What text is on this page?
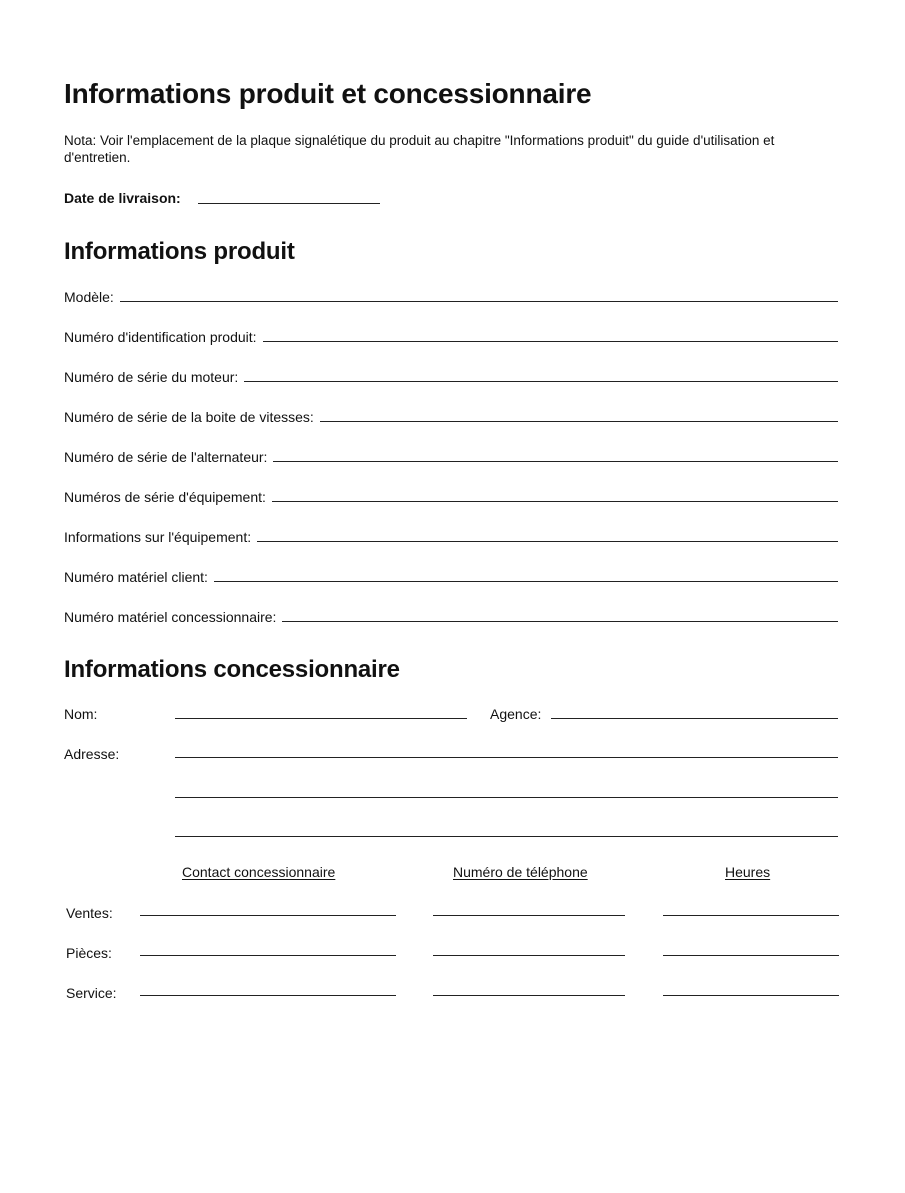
Informations produit et concessionnaire
Nota: Voir l'emplacement de la plaque signalétique du produit au chapitre "Informations produit" du guide d'utilisation et d'entretien.
Date de livraison:
Informations produit
Modèle:
Numéro d'identification produit:
Numéro de série du moteur:
Numéro de série de la boite de vitesses:
Numéro de série de l'alternateur:
Numéros de série d'équipement:
Informations sur l'équipement:
Numéro matériel client:
Numéro matériel concessionnaire:
Informations concessionnaire
Nom:	Agence:
Adresse:
Contact concessionnaire	Numéro de téléphone	Heures
Ventes:
Pièces:
Service:
